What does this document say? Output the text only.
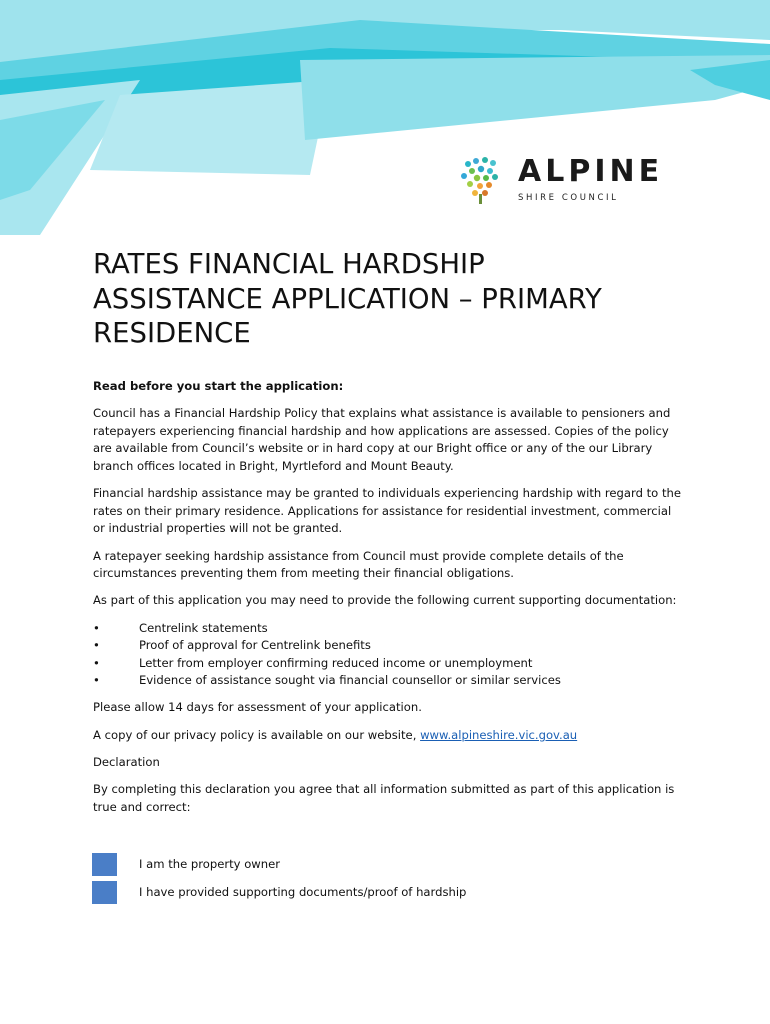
ALPINE
SHIRE COUNCIL
RATES FINANCIAL HARDSHIP
ASSISTANCE APPLICATION – PRIMARY
RESIDENCE

Read before you start the application:

Council has a Financial Hardship Policy that explains what assistance is available to pensioners and ratepayers experiencing financial hardship and how applications are assessed. Copies of the policy are available from Council’s website or in hard copy at our Bright office or any of the our Library branch offices located in Bright, Myrtleford and Mount Beauty.

Financial hardship assistance may be granted to individuals experiencing hardship with regard to the rates on their primary residence. Applications for assistance for residential investment, commercial or industrial properties will not be granted.

A ratepayer seeking hardship assistance from Council must provide complete details of the circumstances preventing them from meeting their financial obligations.

As part of this application you may need to provide the following current supporting documentation:

•	Centrelink statements
•	Proof of approval for Centrelink benefits
•	Letter from employer confirming reduced income or unemployment
•	Evidence of assistance sought via financial counsellor or similar services

Please allow 14 days for assessment of your application.

A copy of our privacy policy is available on our website, www.alpineshire.vic.gov.au

Declaration

By completing this declaration you agree that all information submitted as part of this application is true and correct:

I am the property owner
I have provided supporting documents/proof of hardship
